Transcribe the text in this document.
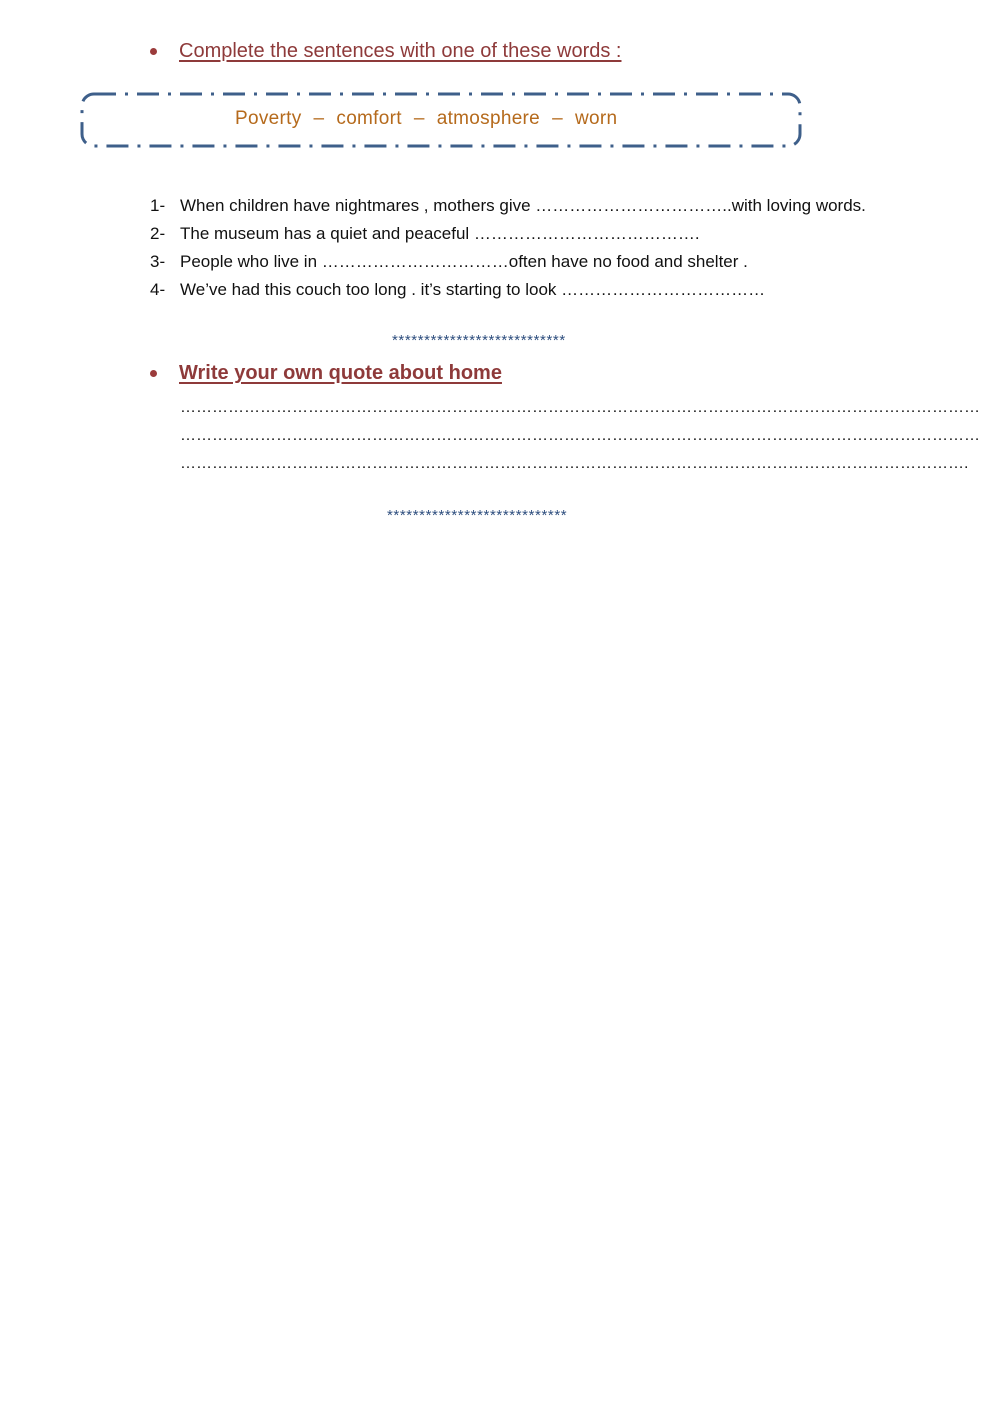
Complete the sentences with one of these words :
Poverty – comfort – atmosphere – worn
1- When children have nightmares , mothers give ……………………………..with loving words.
2- The museum has a quiet and peaceful ………………………………….
3- People who live in ……………………………often have no food and shelter .
4- We’ve had this couch too long . it’s starting to look ………………………………
***************************
Write your own quote about home
……………………………………………………………………………………………………………………………………
……………………………………………………………………………………………………………………………………
………………………………………………………………………………………………………………………………….
****************************
